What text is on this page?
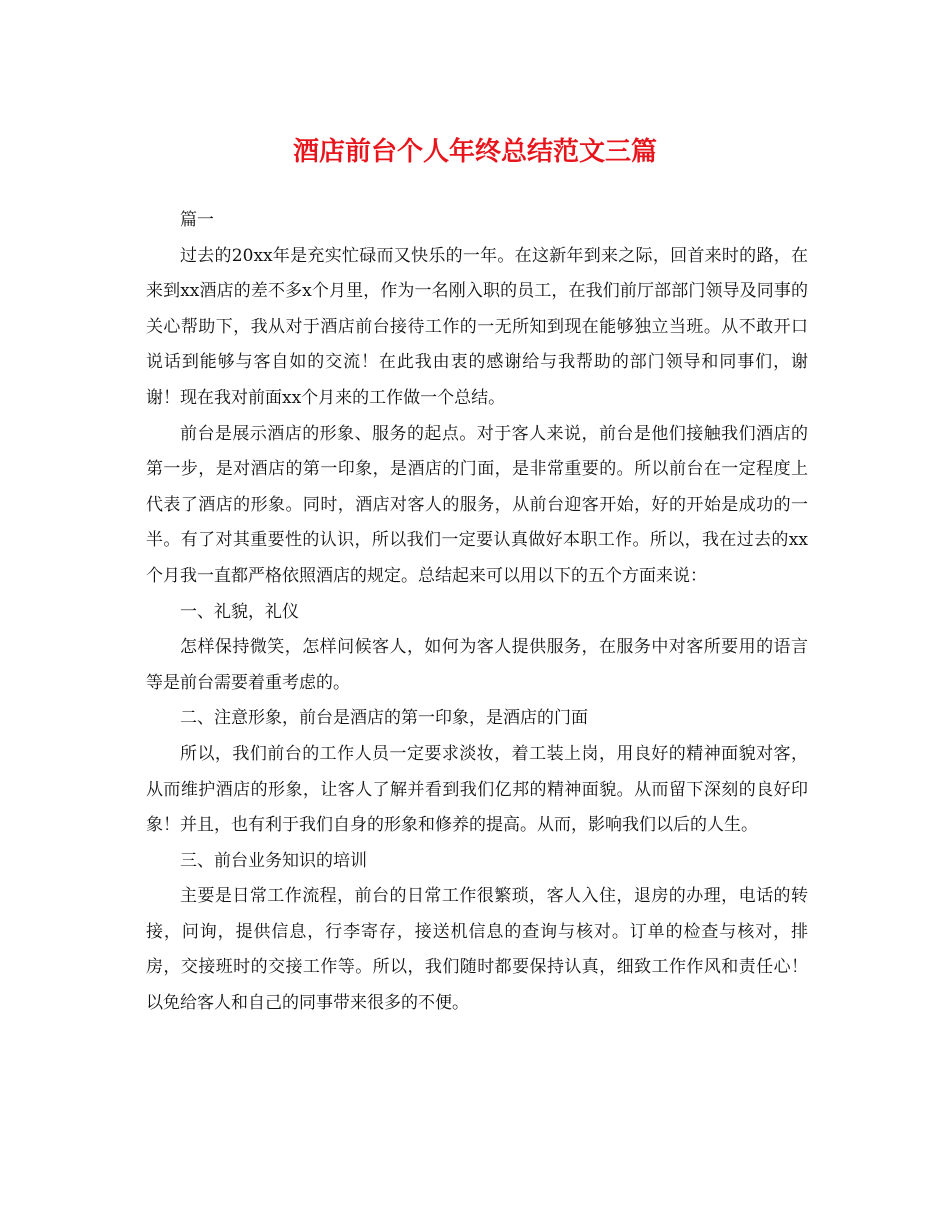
酒店前台个人年终总结范文三篇

篇一

过去的20xx年是充实忙碌而又快乐的一年。在这新年到来之际，回首来时的路，在来到xx酒店的差不多x个月里，作为一名刚入职的员工，在我们前厅部部门领导及同事的关心帮助下，我从对于酒店前台接待工作的一无所知到现在能够独立当班。从不敢开口说话到能够与客自如的交流！在此我由衷的感谢给与我帮助的部门领导和同事们，谢谢！现在我对前面xx个月来的工作做一个总结。

前台是展示酒店的形象、服务的起点。对于客人来说，前台是他们接触我们酒店的第一步，是对酒店的第一印象，是酒店的门面，是非常重要的。所以前台在一定程度上代表了酒店的形象。同时，酒店对客人的服务，从前台迎客开始，好的开始是成功的一半。有了对其重要性的认识，所以我们一定要认真做好本职工作。所以，我在过去的xx个月我一直都严格依照酒店的规定。总结起来可以用以下的五个方面来说：

一、礼貌，礼仪

怎样保持微笑，怎样问候客人，如何为客人提供服务，在服务中对客所要用的语言等是前台需要着重考虑的。

二、注意形象，前台是酒店的第一印象，是酒店的门面

所以，我们前台的工作人员一定要求淡妆，着工装上岗，用良好的精神面貌对客，从而维护酒店的形象，让客人了解并看到我们亿邦的精神面貌。从而留下深刻的良好印象！并且，也有利于我们自身的形象和修养的提高。从而，影响我们以后的人生。

三、前台业务知识的培训

主要是日常工作流程，前台的日常工作很繁琐，客人入住，退房的办理，电话的转接，问询，提供信息，行李寄存，接送机信息的查询与核对。订单的检查与核对，排房，交接班时的交接工作等。所以，我们随时都要保持认真，细致工作作风和责任心！以免给客人和自己的同事带来很多的不便。
